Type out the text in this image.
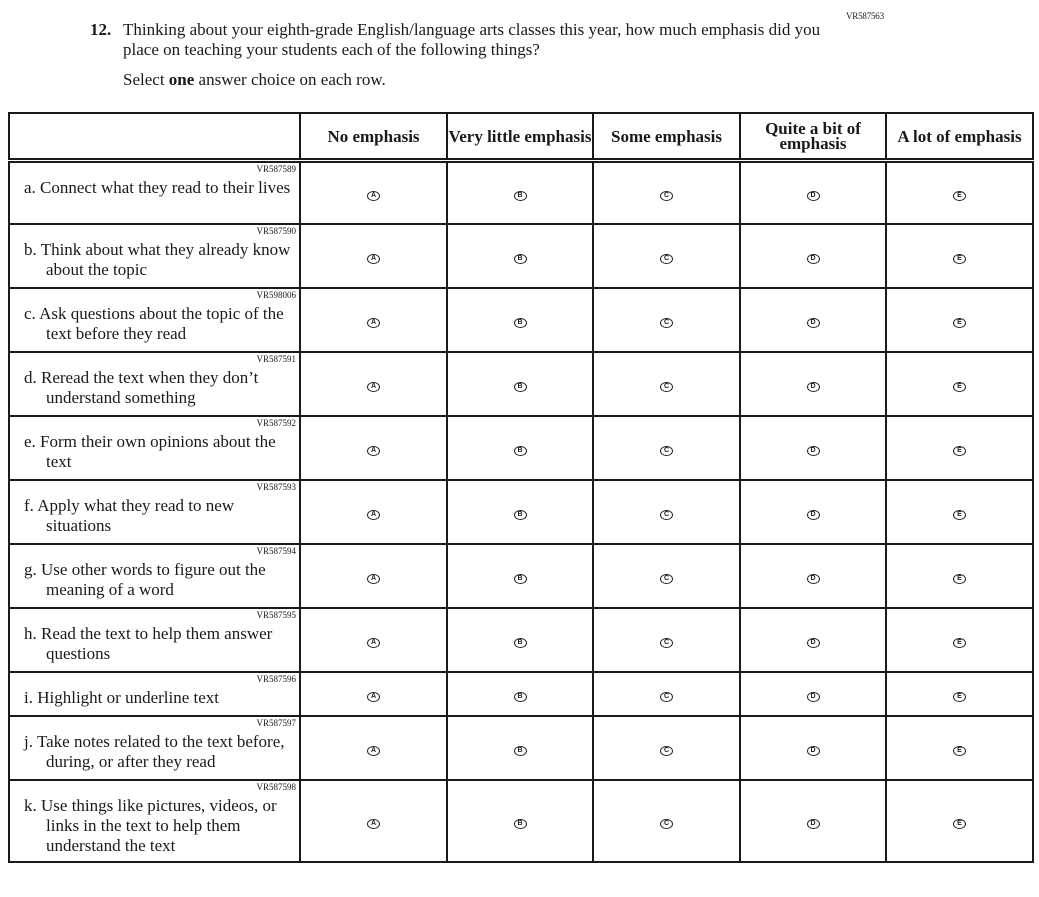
VR587563
12. Thinking about your eighth-grade English/language arts classes this year, how much emphasis did you place on teaching your students each of the following things?
Select one answer choice on each row.
	No emphasis	Very little emphasis	Some emphasis	Quite a bit of emphasis	A lot of emphasis

VR587589
a. Connect what they read to their lives	A	B	C	D	E

VR587590
b. Think about what they already know about the topic	A	B	C	D	E

VR598006
c. Ask questions about the topic of the text before they read	A	B	C	D	E

VR587591
d. Reread the text when they don’t understand something	A	B	C	D	E

VR587592
e. Form their own opinions about the text	A	B	C	D	E

VR587593
f. Apply what they read to new situations	A	B	C	D	E

VR587594
g. Use other words to figure out the meaning of a word	A	B	C	D	E

VR587595
h. Read the text to help them answer questions	A	B	C	D	E

VR587596
i. Highlight or underline text	A	B	C	D	E

VR587597
j. Take notes related to the text before, during, or after they read	A	B	C	D	E

VR587598
k. Use things like pictures, videos, or links in the text to help them understand the text	A	B	C	D	E
